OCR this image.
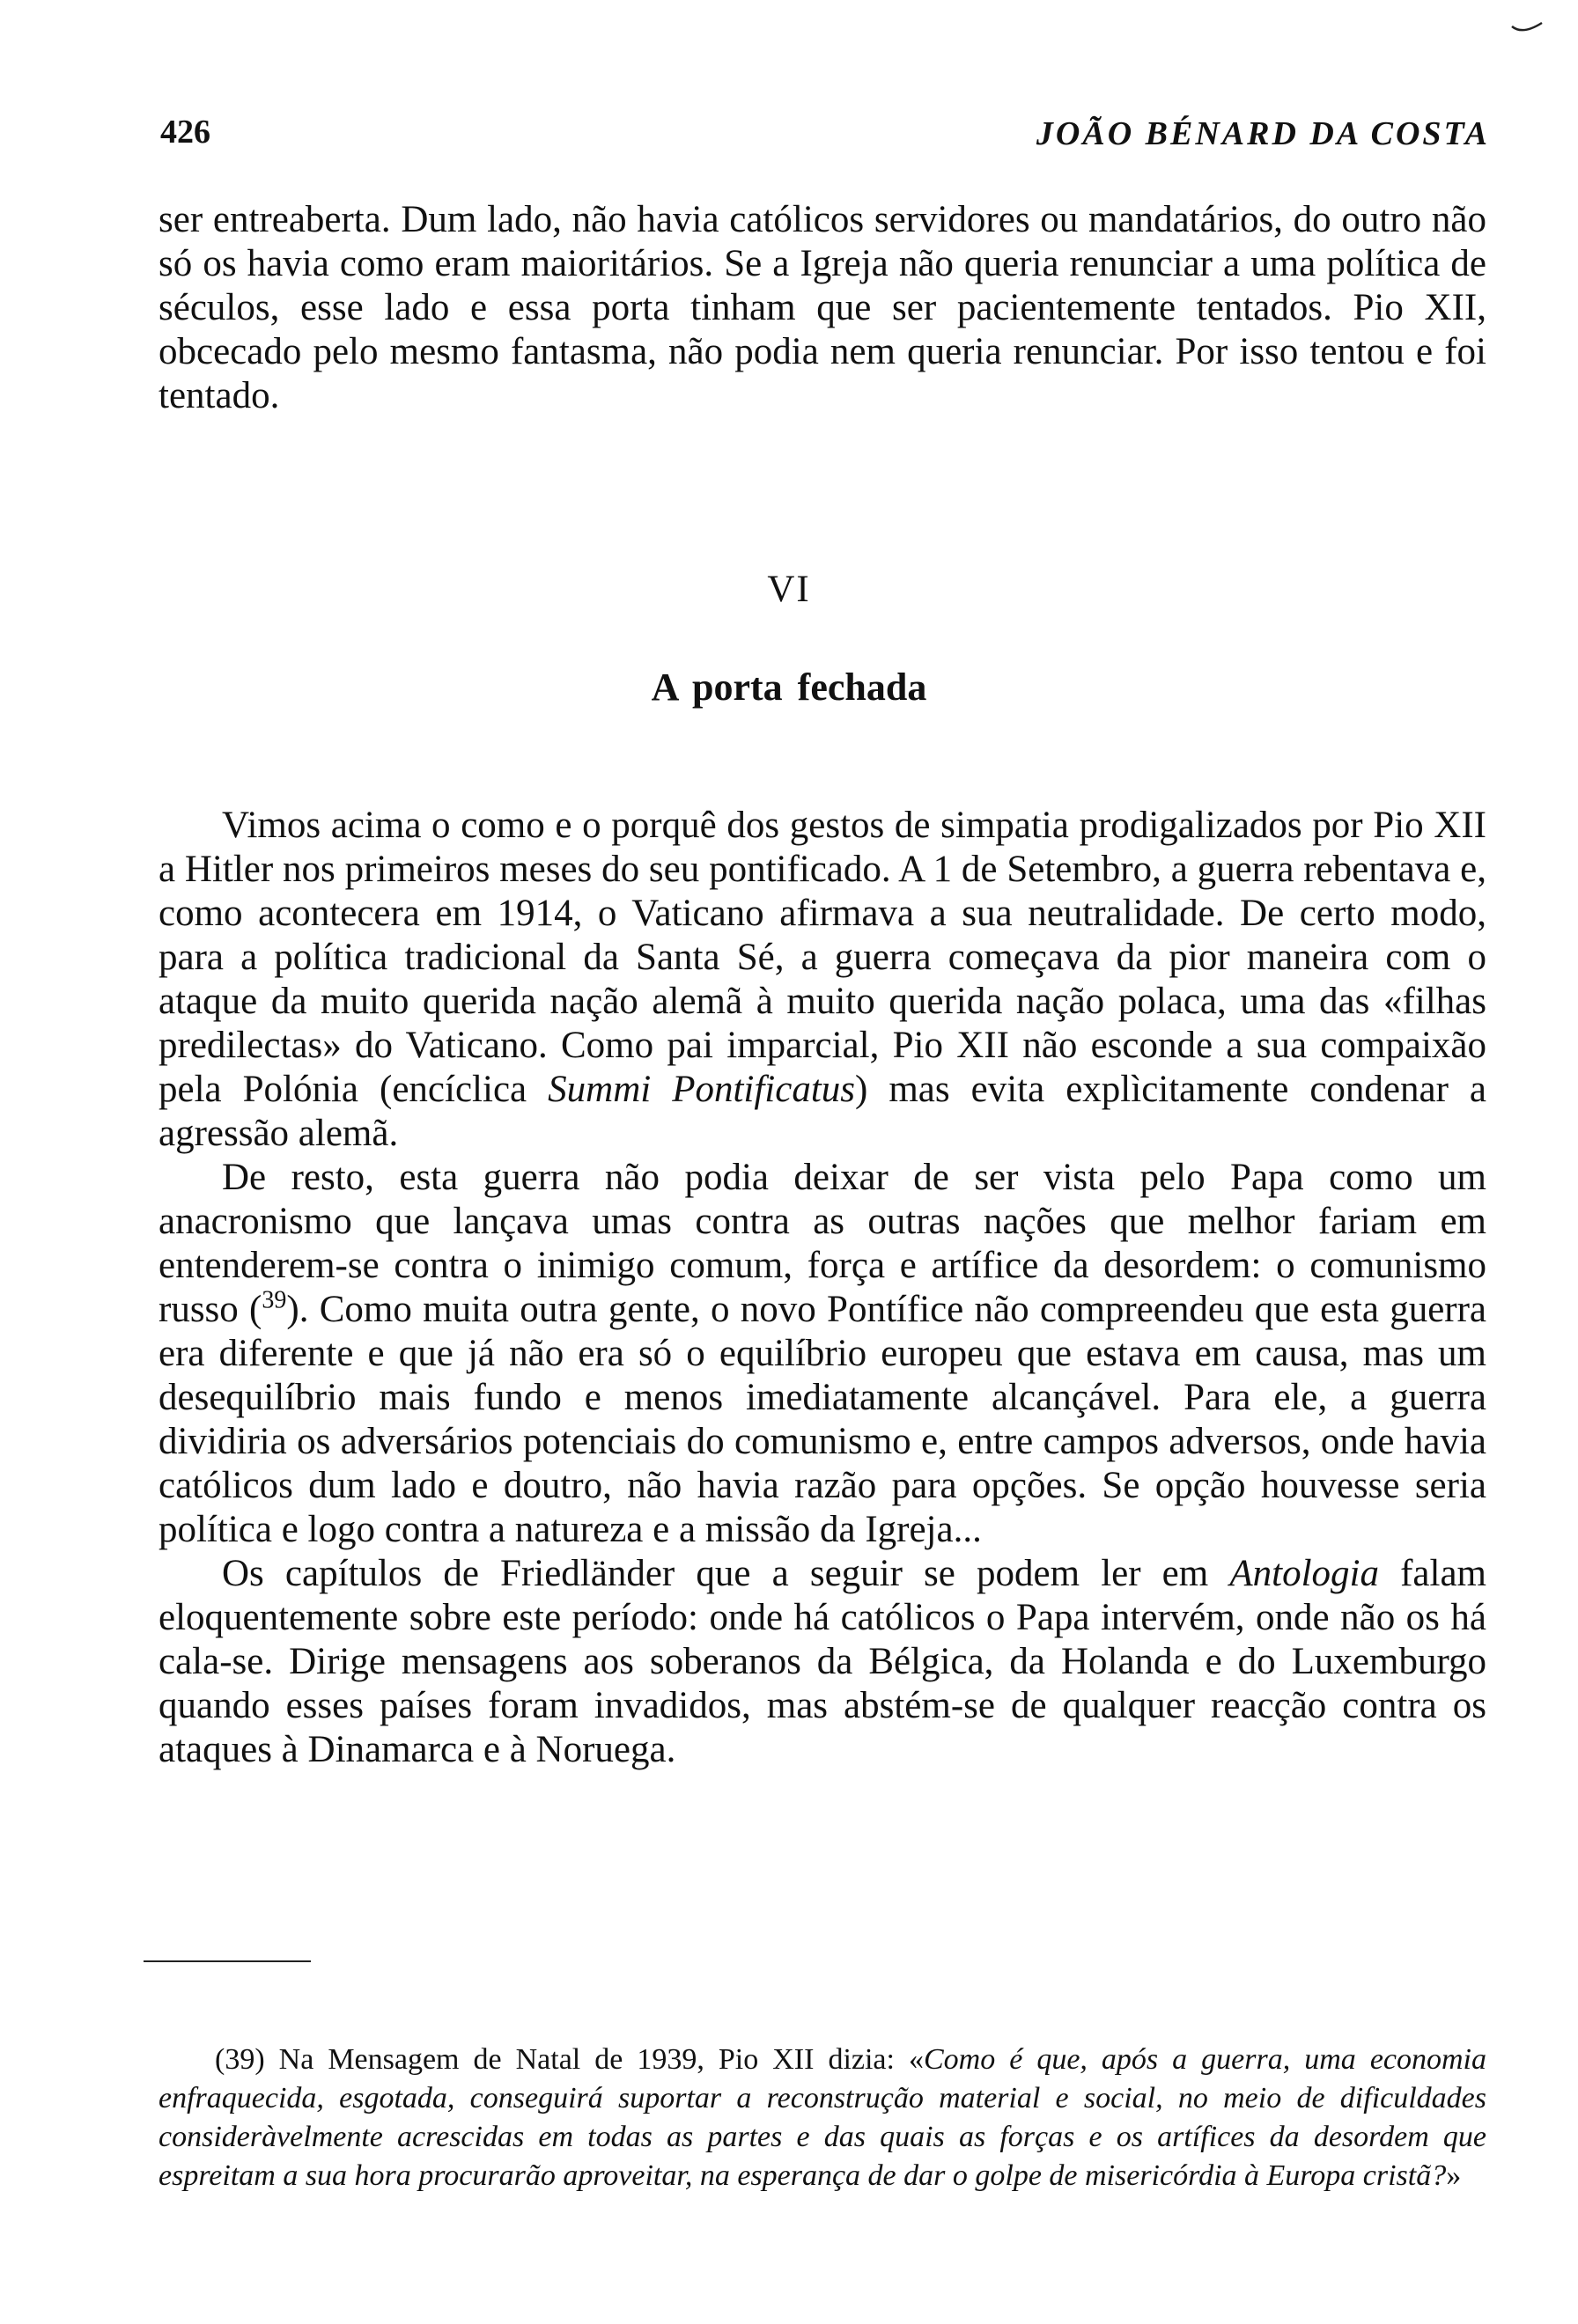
426	JOÃO BÉNARD DA COSTA

ser entreaberta. Dum lado, não havia católicos servidores ou mandatários, do outro não só os havia como eram maioritários. Se a Igreja não queria renunciar a uma política de séculos, esse lado e essa porta tinham que ser pacientemente tentados. Pio XII, obcecado pelo mesmo fantasma, não podia nem queria renunciar. Por isso tentou e foi tentado.

VI
A porta fechada

Vimos acima o como e o porquê dos gestos de simpatia prodigalizados por Pio XII a Hitler nos primeiros meses do seu pontificado. A 1 de Setembro, a guerra rebentava e, como acontecera em 1914, o Vaticano afirmava a sua neutralidade. De certo modo, para a política tradicional da Santa Sé, a guerra começava da pior maneira com o ataque da muito querida nação alemã à muito querida nação polaca, uma das «filhas predilectas» do Vaticano. Como pai imparcial, Pio XII não esconde a sua compaixão pela Polónia (encíclica Summi Pontificatus) mas evita explìcitamente condenar a agressão alemã.

De resto, esta guerra não podia deixar de ser vista pelo Papa como um anacronismo que lançava umas contra as outras nações que melhor fariam em entenderem-se contra o inimigo comum, força e artífice da desordem: o comunismo russo ($^{39}$). Como muita outra gente, o novo Pontífice não compreendeu que esta guerra era diferente e que já não era só o equilíbrio europeu que estava em causa, mas um desequilíbrio mais fundo e menos imediatamente alcançável. Para ele, a guerra dividiria os adversários potenciais do comunismo e, entre campos adversos, onde havia católicos dum lado e doutro, não havia razão para opções. Se opção houvesse seria política e logo contra a natureza e a missão da Igreja...

Os capítulos de Friedländer que a seguir se podem ler em Antologia falam eloquentemente sobre este período: onde há católicos o Papa intervém, onde não os há cala-se. Dirige mensagens aos soberanos da Bélgica, da Holanda e do Luxemburgo quando esses países foram invadidos, mas abstém-se de qualquer reacção contra os ataques à Dinamarca e à Noruega.

(39) Na Mensagem de Natal de 1939, Pio XII dizia: «Como é que, após a guerra, uma economia enfraquecida, esgotada, conseguirá suportar a reconstrução material e social, no meio de dificuldades consideràvelmente acrescidas em todas as partes e das quais as forças e os artífices da desordem que espreitam a sua hora procurarão aproveitar, na esperança de dar o golpe de misericórdia à Europa cristã?»
